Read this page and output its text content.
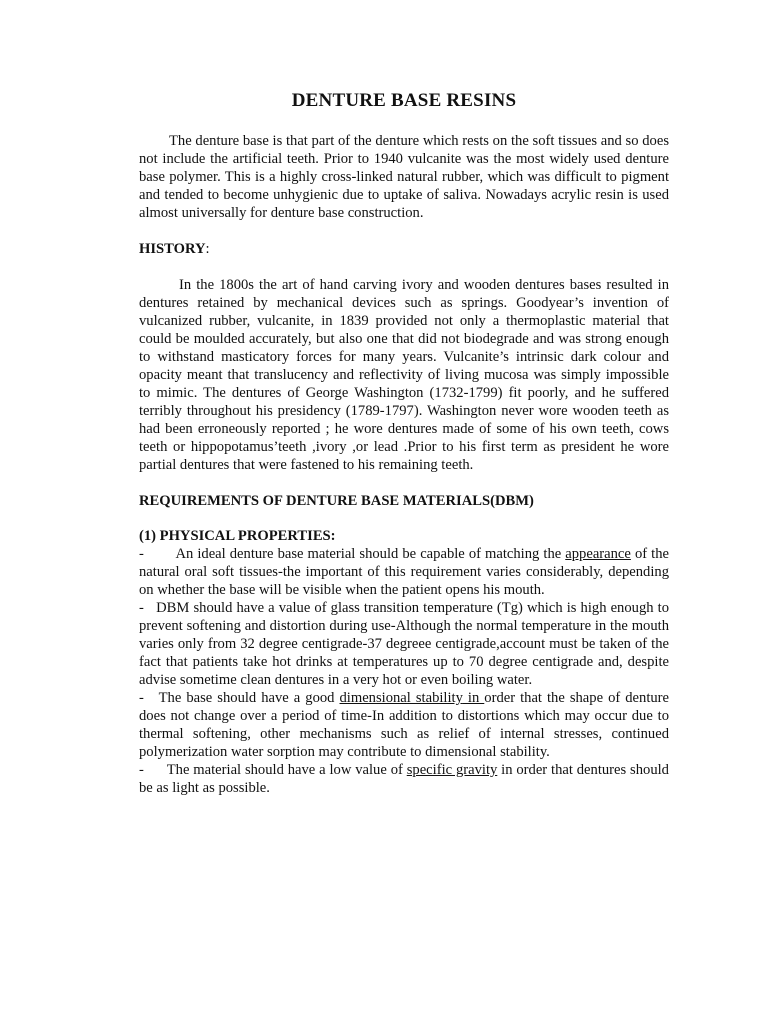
DENTURE BASE RESINS

The denture base is that part of the denture which rests on the soft tissues and so does not include the artificial teeth. Prior to 1940 vulcanite was the most widely used denture base polymer. This is a highly cross-linked natural rubber, which was difficult to pigment and tended to become unhygienic due to uptake of saliva. Nowadays acrylic resin is used almost universally for denture base construction.

HISTORY:

In the 1800s the art of hand carving ivory and wooden dentures bases resulted in dentures retained by mechanical devices such as springs. Goodyear’s invention of vulcanized rubber, vulcanite, in 1839 provided not only a thermoplastic material that could be moulded accurately, but also one that did not biodegrade and was strong enough to withstand masticatory forces for many years. Vulcanite’s intrinsic dark colour and opacity meant that translucency and reflectivity of living mucosa was simply impossible to mimic. The dentures of George Washington (1732-1799) fit poorly, and he suffered terribly throughout his presidency (1789-1797). Washington never wore wooden teeth as had been erroneously reported ; he wore dentures made of some of his own teeth, cows teeth or hippopotamus’teeth ,ivory ,or lead .Prior to his first term as president he wore partial dentures that were fastened to his remaining teeth.

REQUIREMENTS OF DENTURE BASE MATERIALS(DBM)
(1) PHYSICAL PROPERTIES:

-        An ideal denture base material should be capable of matching the appearance of the natural oral soft tissues-the important of this requirement varies considerably, depending on whether the base will be visible when the patient opens his mouth.

-   DBM should have a value of glass transition temperature (Tg) which is high enough to prevent softening and distortion during use-Although the normal temperature in the mouth varies only from 32 degree centigrade-37 degreee centigrade,account must be taken of the fact that patients take hot drinks at temperatures up to 70 degree centigrade and, despite advise sometime clean dentures in a very hot or even boiling water.

-   The base should have a good dimensional stability in order that the shape of denture does not change over a period of time-In addition to distortions which may occur due to thermal softening, other mechanisms such as relief of internal stresses, continued polymerization water sorption may contribute to dimensional stability.

-      The material should have a low value of specific gravity in order that dentures should be as light as possible.
